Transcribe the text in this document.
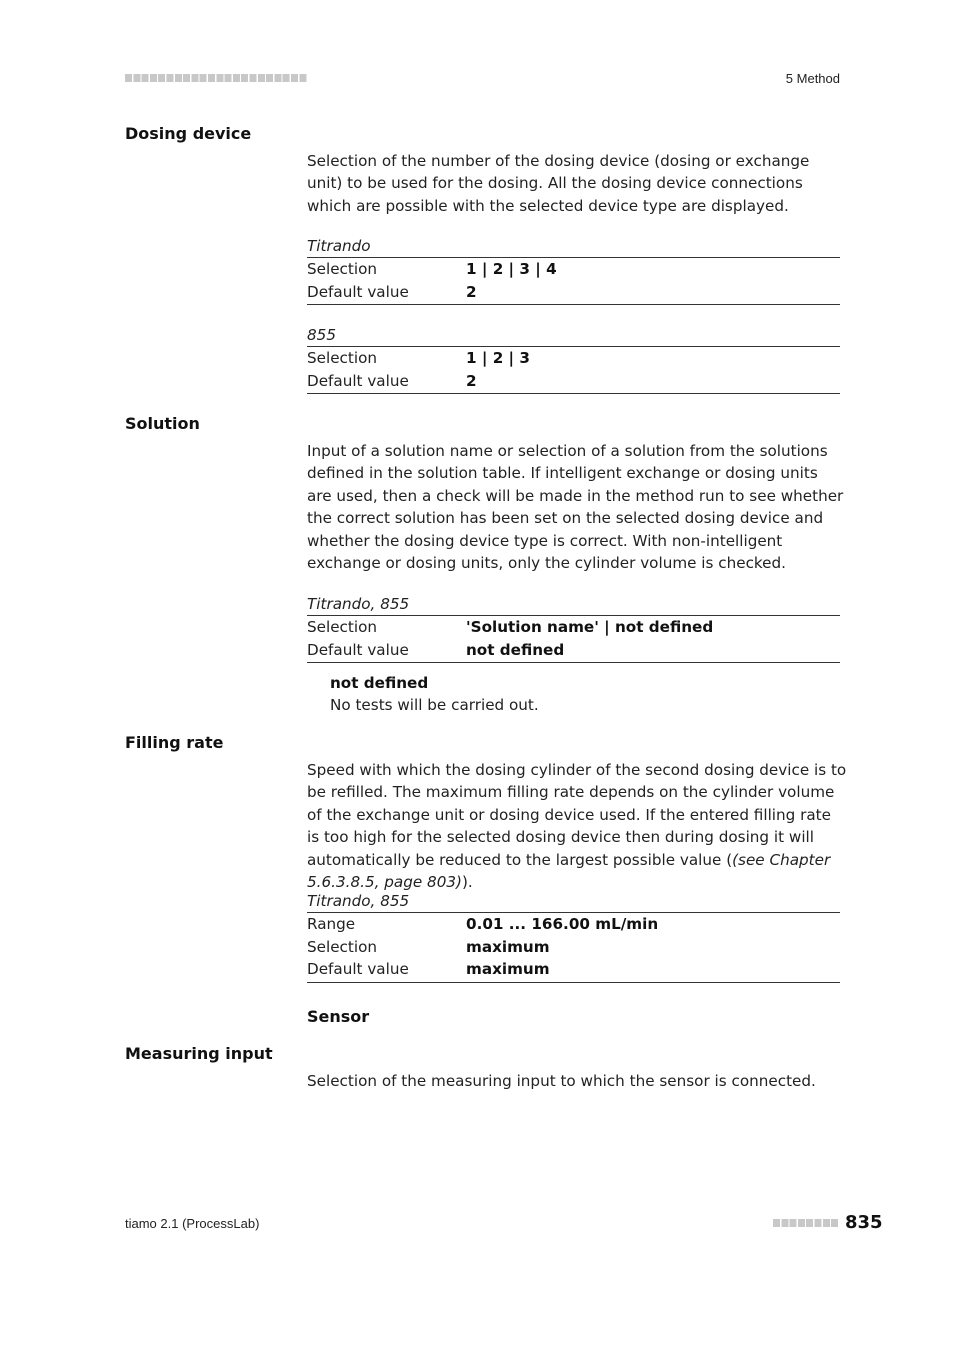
5 Method
Dosing device

Selection of the number of the dosing device (dosing or exchange unit) to be used for the dosing. All the dosing device connections which are possible with the selected device type are displayed.

Titrando
Selection	1 | 2 | 3 | 4
Default value	2
855
Selection	1 | 2 | 3
Default value	2
Solution

Input of a solution name or selection of a solution from the solutions defined in the solution table. If intelligent exchange or dosing units are used, then a check will be made in the method run to see whether the correct solution has been set on the selected dosing device and whether the dosing device type is correct. With non-intelligent exchange or dosing units, only the cylinder volume is checked.

Titrando, 855
Selection	'Solution name' | not defined
Default value	not defined
not defined
No tests will be carried out.
Filling rate

Speed with which the dosing cylinder of the second dosing device is to be refilled. The maximum filling rate depends on the cylinder volume of the exchange unit or dosing device used. If the entered filling rate is too high for the selected dosing device then during dosing it will automatically be reduced to the largest possible value ((see Chapter 5.6.3.8.5, page 803)).

Titrando, 855
Range	0.01 ... 166.00 mL/min
Selection	maximum
Default value	maximum
Sensor
Measuring input

Selection of the measuring input to which the sensor is connected.

tiamo 2.1 (ProcessLab)	835
